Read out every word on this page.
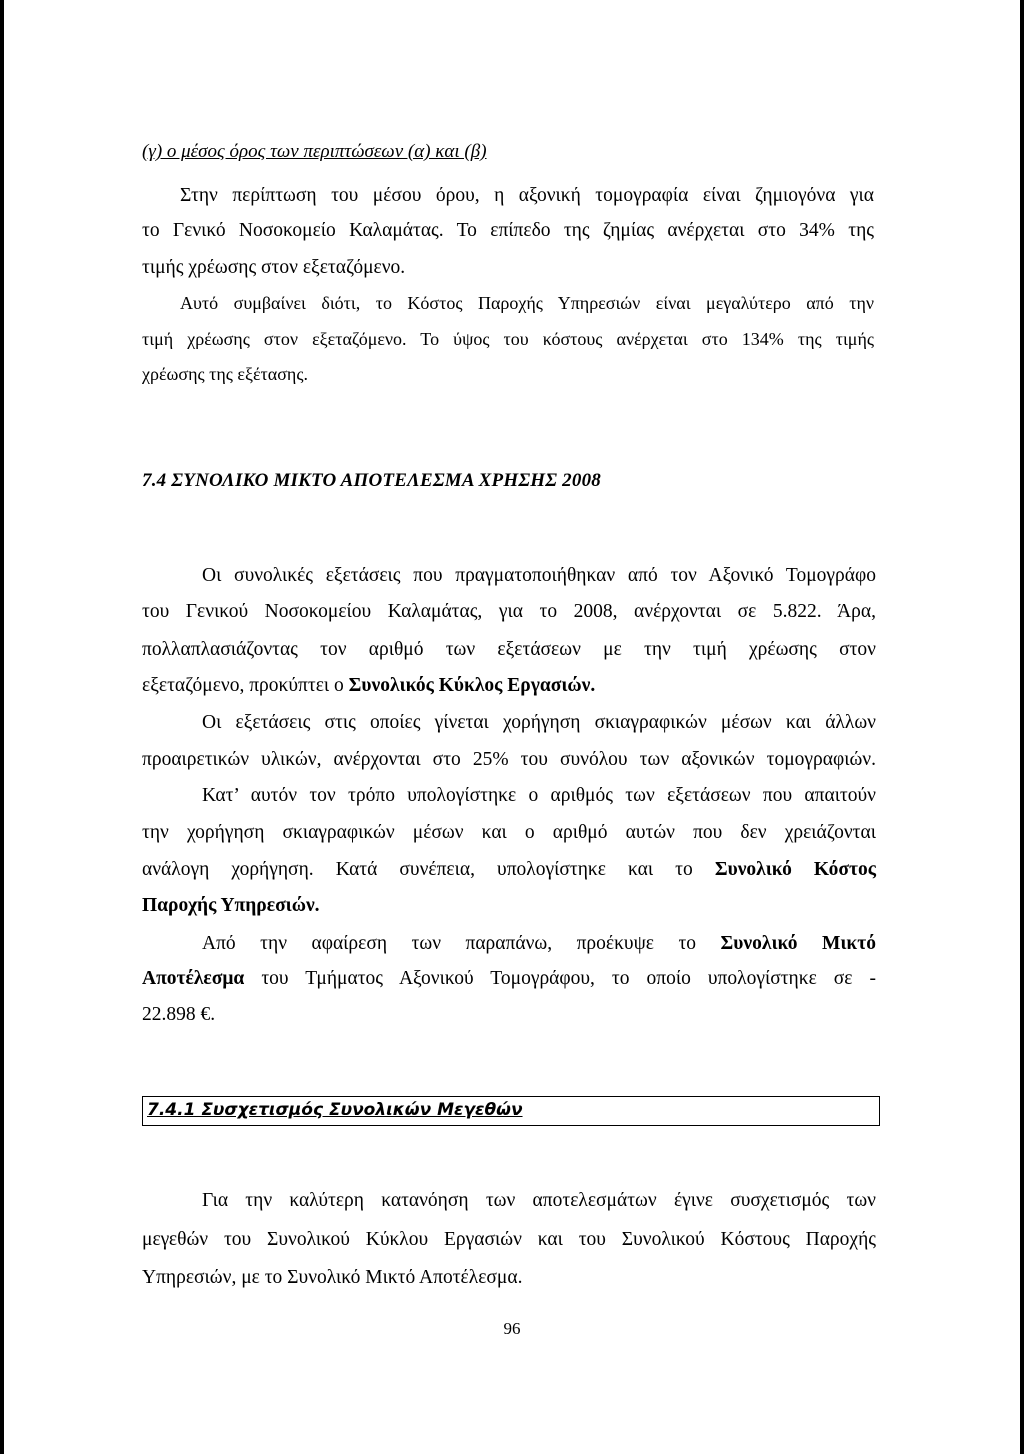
(γ) ο μέσος όρος των περιπτώσεων (α) και (β)
Στην περίπτωση του μέσου όρου, η αξονική τομογραφία είναι ζημιογόνα για
το Γενικό Νοσοκομείο Καλαμάτας. Το επίπεδο της ζημίας ανέρχεται στο 34% της
τιμής χρέωσης στον εξεταζόμενο.
Αυτό συμβαίνει διότι, το Κόστος Παροχής Υπηρεσιών είναι μεγαλύτερο από την
τιμή χρέωσης στον εξεταζόμενο. Το ύψος του κόστους ανέρχεται στο 134% της τιμής
χρέωσης της εξέτασης.
7.4 ΣΥΝΟΛΙΚΟ ΜΙΚΤΟ ΑΠΟΤΕΛΕΣΜΑ ΧΡΗΣΗΣ 2008
Οι συνολικές εξετάσεις που πραγματοποιήθηκαν από τον Αξονικό Τομογράφο
του Γενικού Νοσοκομείου Καλαμάτας, για το 2008, ανέρχονται σε 5.822. Άρα,
πολλαπλασιάζοντας τον αριθμό των εξετάσεων με την τιμή χρέωσης στον
εξεταζόμενο, προκύπτει ο Συνολικός Κύκλος Εργασιών.
Οι εξετάσεις στις οποίες γίνεται χορήγηση σκιαγραφικών μέσων και άλλων
προαιρετικών υλικών, ανέρχονται στο 25% του συνόλου των αξονικών τομογραφιών.
Κατ’ αυτόν τον τρόπο υπολογίστηκε ο αριθμός των εξετάσεων που απαιτούν
την χορήγηση σκιαγραφικών μέσων και ο αριθμό αυτών που δεν χρειάζονται
ανάλογη χορήγηση. Κατά συνέπεια, υπολογίστηκε και το Συνολικό Κόστος
Παροχής Υπηρεσιών.
Από την αφαίρεση των παραπάνω, προέκυψε το Συνολικό Μικτό
Αποτέλεσμα του Τμήματος Αξονικού Τομογράφου, το οποίο υπολογίστηκε σε -
22.898 €.
7.4.1 Συσχετισμός Συνολικών Μεγεθών
Για την καλύτερη κατανόηση των αποτελεσμάτων έγινε συσχετισμός των
μεγεθών του Συνολικού Κύκλου Εργασιών και του Συνολικού Κόστους Παροχής
Υπηρεσιών, με το Συνολικό Μικτό Αποτέλεσμα.
96
